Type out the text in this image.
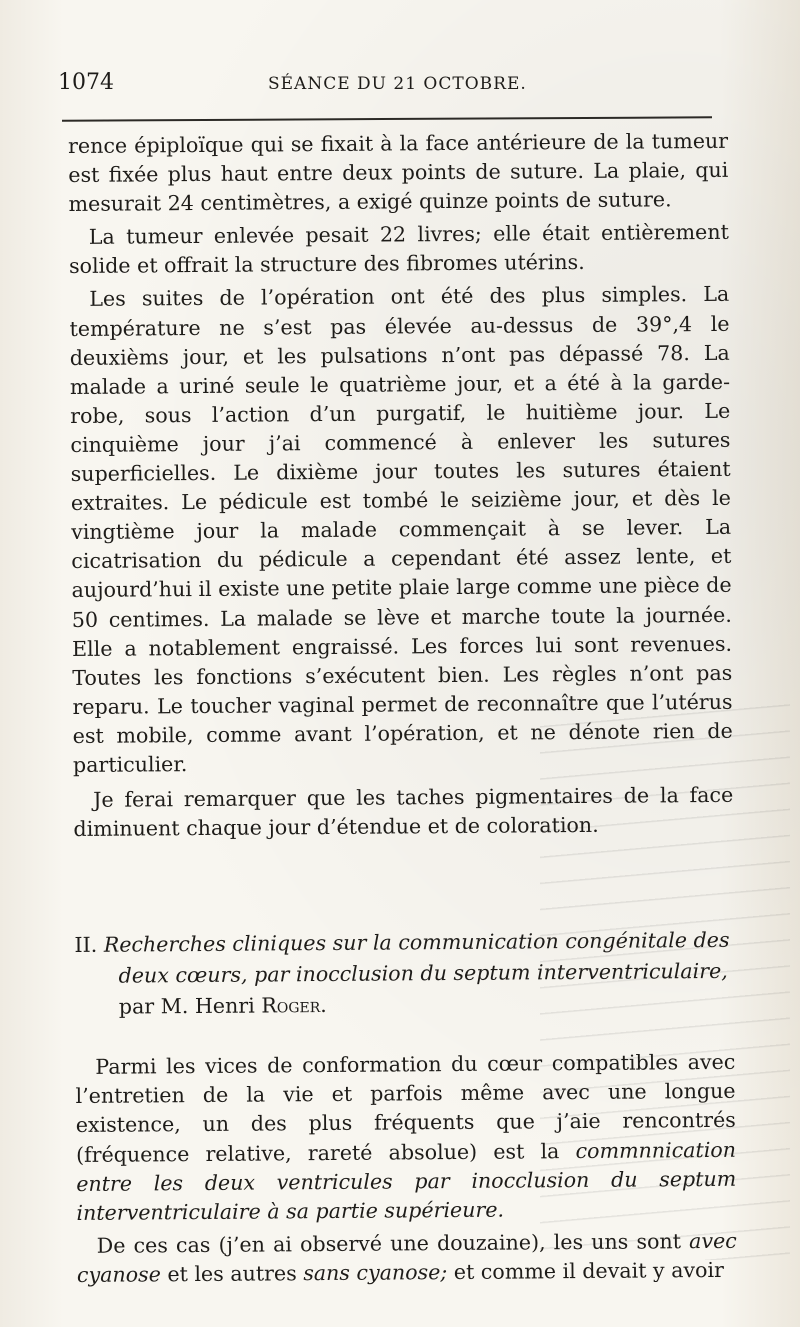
1074	SÉANCE DU 21 OCTOBRE.

rence épiploïque qui se fixait à la face antérieure de la tumeur est fixée plus haut entre deux points de suture. La plaie, qui mesurait 24 centimètres, a exigé quinze points de suture.

La tumeur enlevée pesait 22 livres; elle était entièrement solide et offrait la structure des fibromes utérins.

Les suites de l’opération ont été des plus simples. La température ne s’est pas élevée au-dessus de 39°,4 le deuxièms jour, et les pulsations n’ont pas dépassé 78. La malade a uriné seule le quatrième jour, et a été à la garde-robe, sous l’action d’un purgatif, le huitième jour. Le cinquième jour j’ai commencé à enlever les sutures superficielles. Le dixième jour toutes les sutures étaient extraites. Le pédicule est tombé le seizième jour, et dès le vingtième jour la malade commençait à se lever. La cicatrisation du pédicule a cependant été assez lente, et aujourd’hui il existe une petite plaie large comme une pièce de 50 centimes. La malade se lève et marche toute la journée. Elle a notablement engraissé. Les forces lui sont revenues. Toutes les fonctions s’exécutent bien. Les règles n’ont pas reparu. Le toucher vaginal permet de reconnaître que l’utérus est mobile, comme avant l’opération, et ne dénote rien de particulier.

Je ferai remarquer que les taches pigmentaires de la face diminuent chaque jour d’étendue et de coloration.

II. Recherches cliniques sur la communication congénitale des deux cœurs, par inocclusion du septum interventriculaire, par M. Henri Roger.

Parmi les vices de conformation du cœur compatibles avec l’entretien de la vie et parfois même avec une longue existence, un des plus fréquents que j’aie rencontrés (fréquence relative, rareté absolue) est la commnnication entre les deux ventricules par inocclusion du septum interventriculaire à sa partie supérieure.

De ces cas (j’en ai observé une douzaine), les uns sont avec cyanose et les autres sans cyanose; et comme il devait y avoir
